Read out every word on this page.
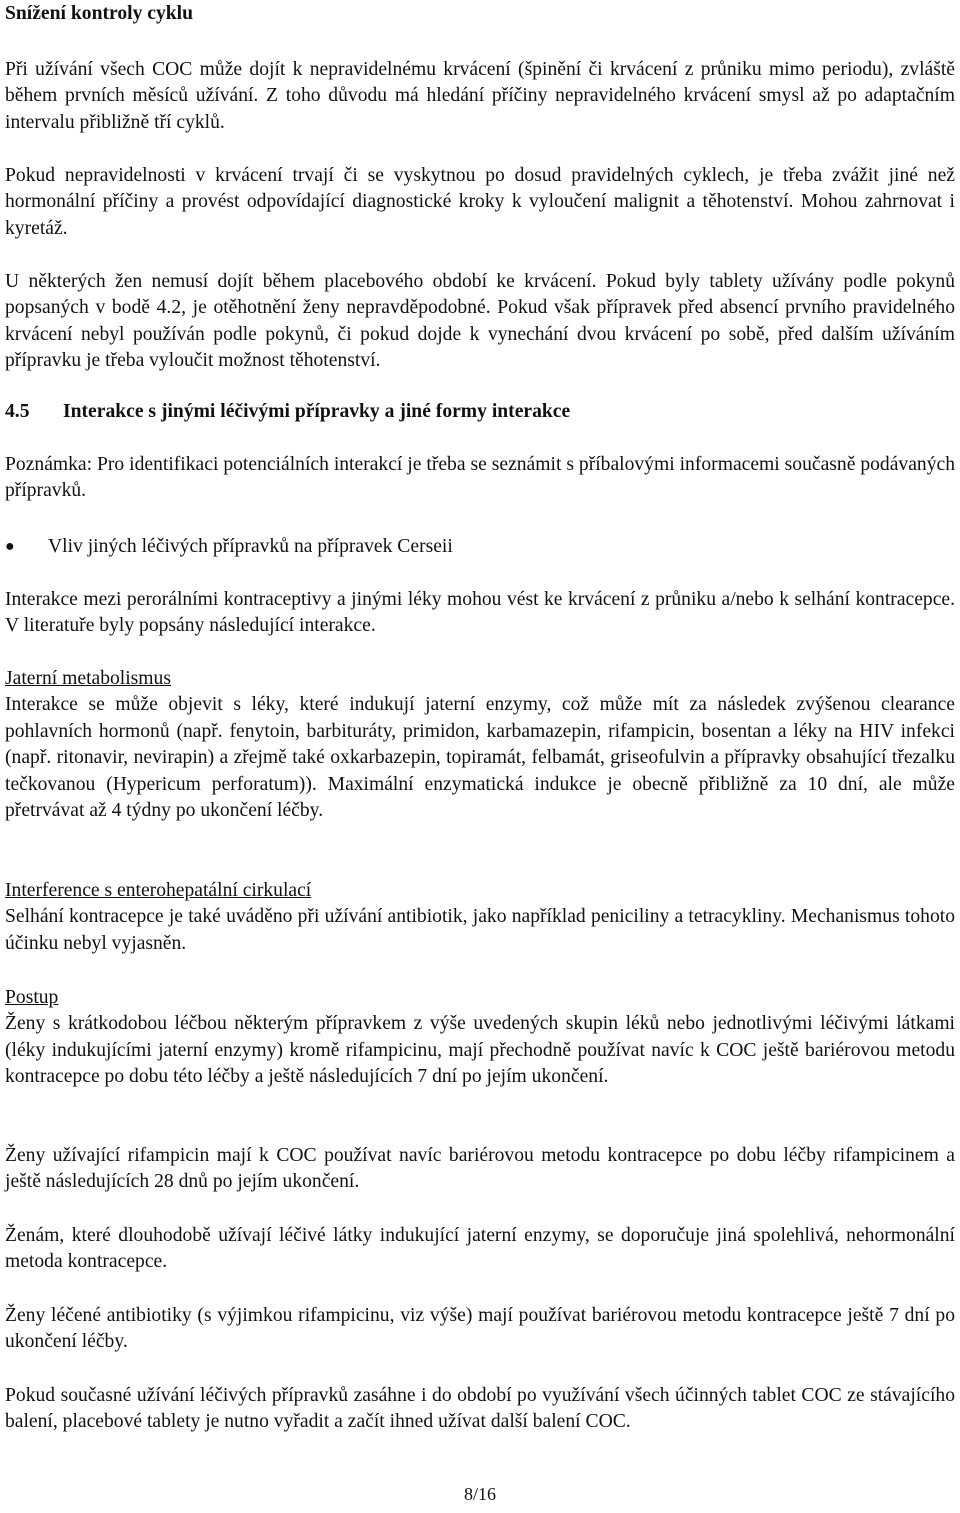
Snížení kontroly cyklu

Při užívání všech COC může dojít k nepravidelnému krvácení (špinění či krvácení z průniku mimo periodu), zvláště během prvních měsíců užívání. Z toho důvodu má hledání příčiny nepravidelného krvácení smysl až po adaptačním intervalu přibližně tří cyklů.

Pokud nepravidelnosti v krvácení trvají či se vyskytnou po dosud pravidelných cyklech, je třeba zvážit jiné než hormonální příčiny a provést odpovídající diagnostické kroky k vyloučení malignit a těhotenství. Mohou zahrnovat i kyretáž.

U některých žen nemusí dojít během placebového období ke krvácení. Pokud byly tablety užívány podle pokynů popsaných v bodě 4.2, je otěhotnění ženy nepravděpodobné. Pokud však přípravek před absencí prvního pravidelného krvácení nebyl používán podle pokynů, či pokud dojde k vynechání dvou krvácení po sobě, před dalším užíváním přípravku je třeba vyloučit možnost těhotenství.

4.5 Interakce s jinými léčivými přípravky a jiné formy interakce

Poznámka: Pro identifikaci potenciálních interakcí je třeba se seznámit s příbalovými informacemi současně podávaných přípravků.

● Vliv jiných léčivých přípravků na přípravek Cerseii

Interakce mezi perorálními kontraceptivy a jinými léky mohou vést ke krvácení z průniku a/nebo k selhání kontracepce. V literatuře byly popsány následující interakce.

Jaterní metabolismus

Interakce se může objevit s léky, které indukují jaterní enzymy, což může mít za následek zvýšenou clearance pohlavních hormonů (např. fenytoin, barbituráty, primidon, karbamazepin, rifampicin, bosentan a léky na HIV infekci (např. ritonavir, nevirapin) a zřejmě také oxkarbazepin, topiramát, felbamát, griseofulvin a přípravky obsahující třezalku tečkovanou (Hypericum perforatum)). Maximální enzymatická indukce je obecně přibližně za 10 dní, ale může přetrvávat až 4 týdny po ukončení léčby.

Interference s enterohepatální cirkulací

Selhání kontracepce je také uváděno při užívání antibiotik, jako například peniciliny a tetracykliny. Mechanismus tohoto účinku nebyl vyjasněn.

Postup

Ženy s krátkodobou léčbou některým přípravkem z výše uvedených skupin léků nebo jednotlivými léčivými látkami (léky indukujícími jaterní enzymy) kromě rifampicinu, mají přechodně používat navíc k COC ještě bariérovou metodu kontracepce po dobu této léčby a ještě následujících 7 dní po jejím ukončení.

Ženy užívající rifampicin mají k COC používat navíc bariérovou metodu kontracepce po dobu léčby rifampicinem a ještě následujících 28 dnů po jejím ukončení.

Ženám, které dlouhodobě užívají léčivé látky indukující jaterní enzymy, se doporučuje jiná spolehlivá, nehormonální metoda kontracepce.

Ženy léčené antibiotiky (s výjimkou rifampicinu, viz výše) mají používat bariérovou metodu kontracepce ještě 7 dní po ukončení léčby.

Pokud současné užívání léčivých přípravků zasáhne i do období po využívání všech účinných tablet COC ze stávajícího balení, placebové tablety je nutno vyřadit a začít ihned užívat další balení COC.

8/16
